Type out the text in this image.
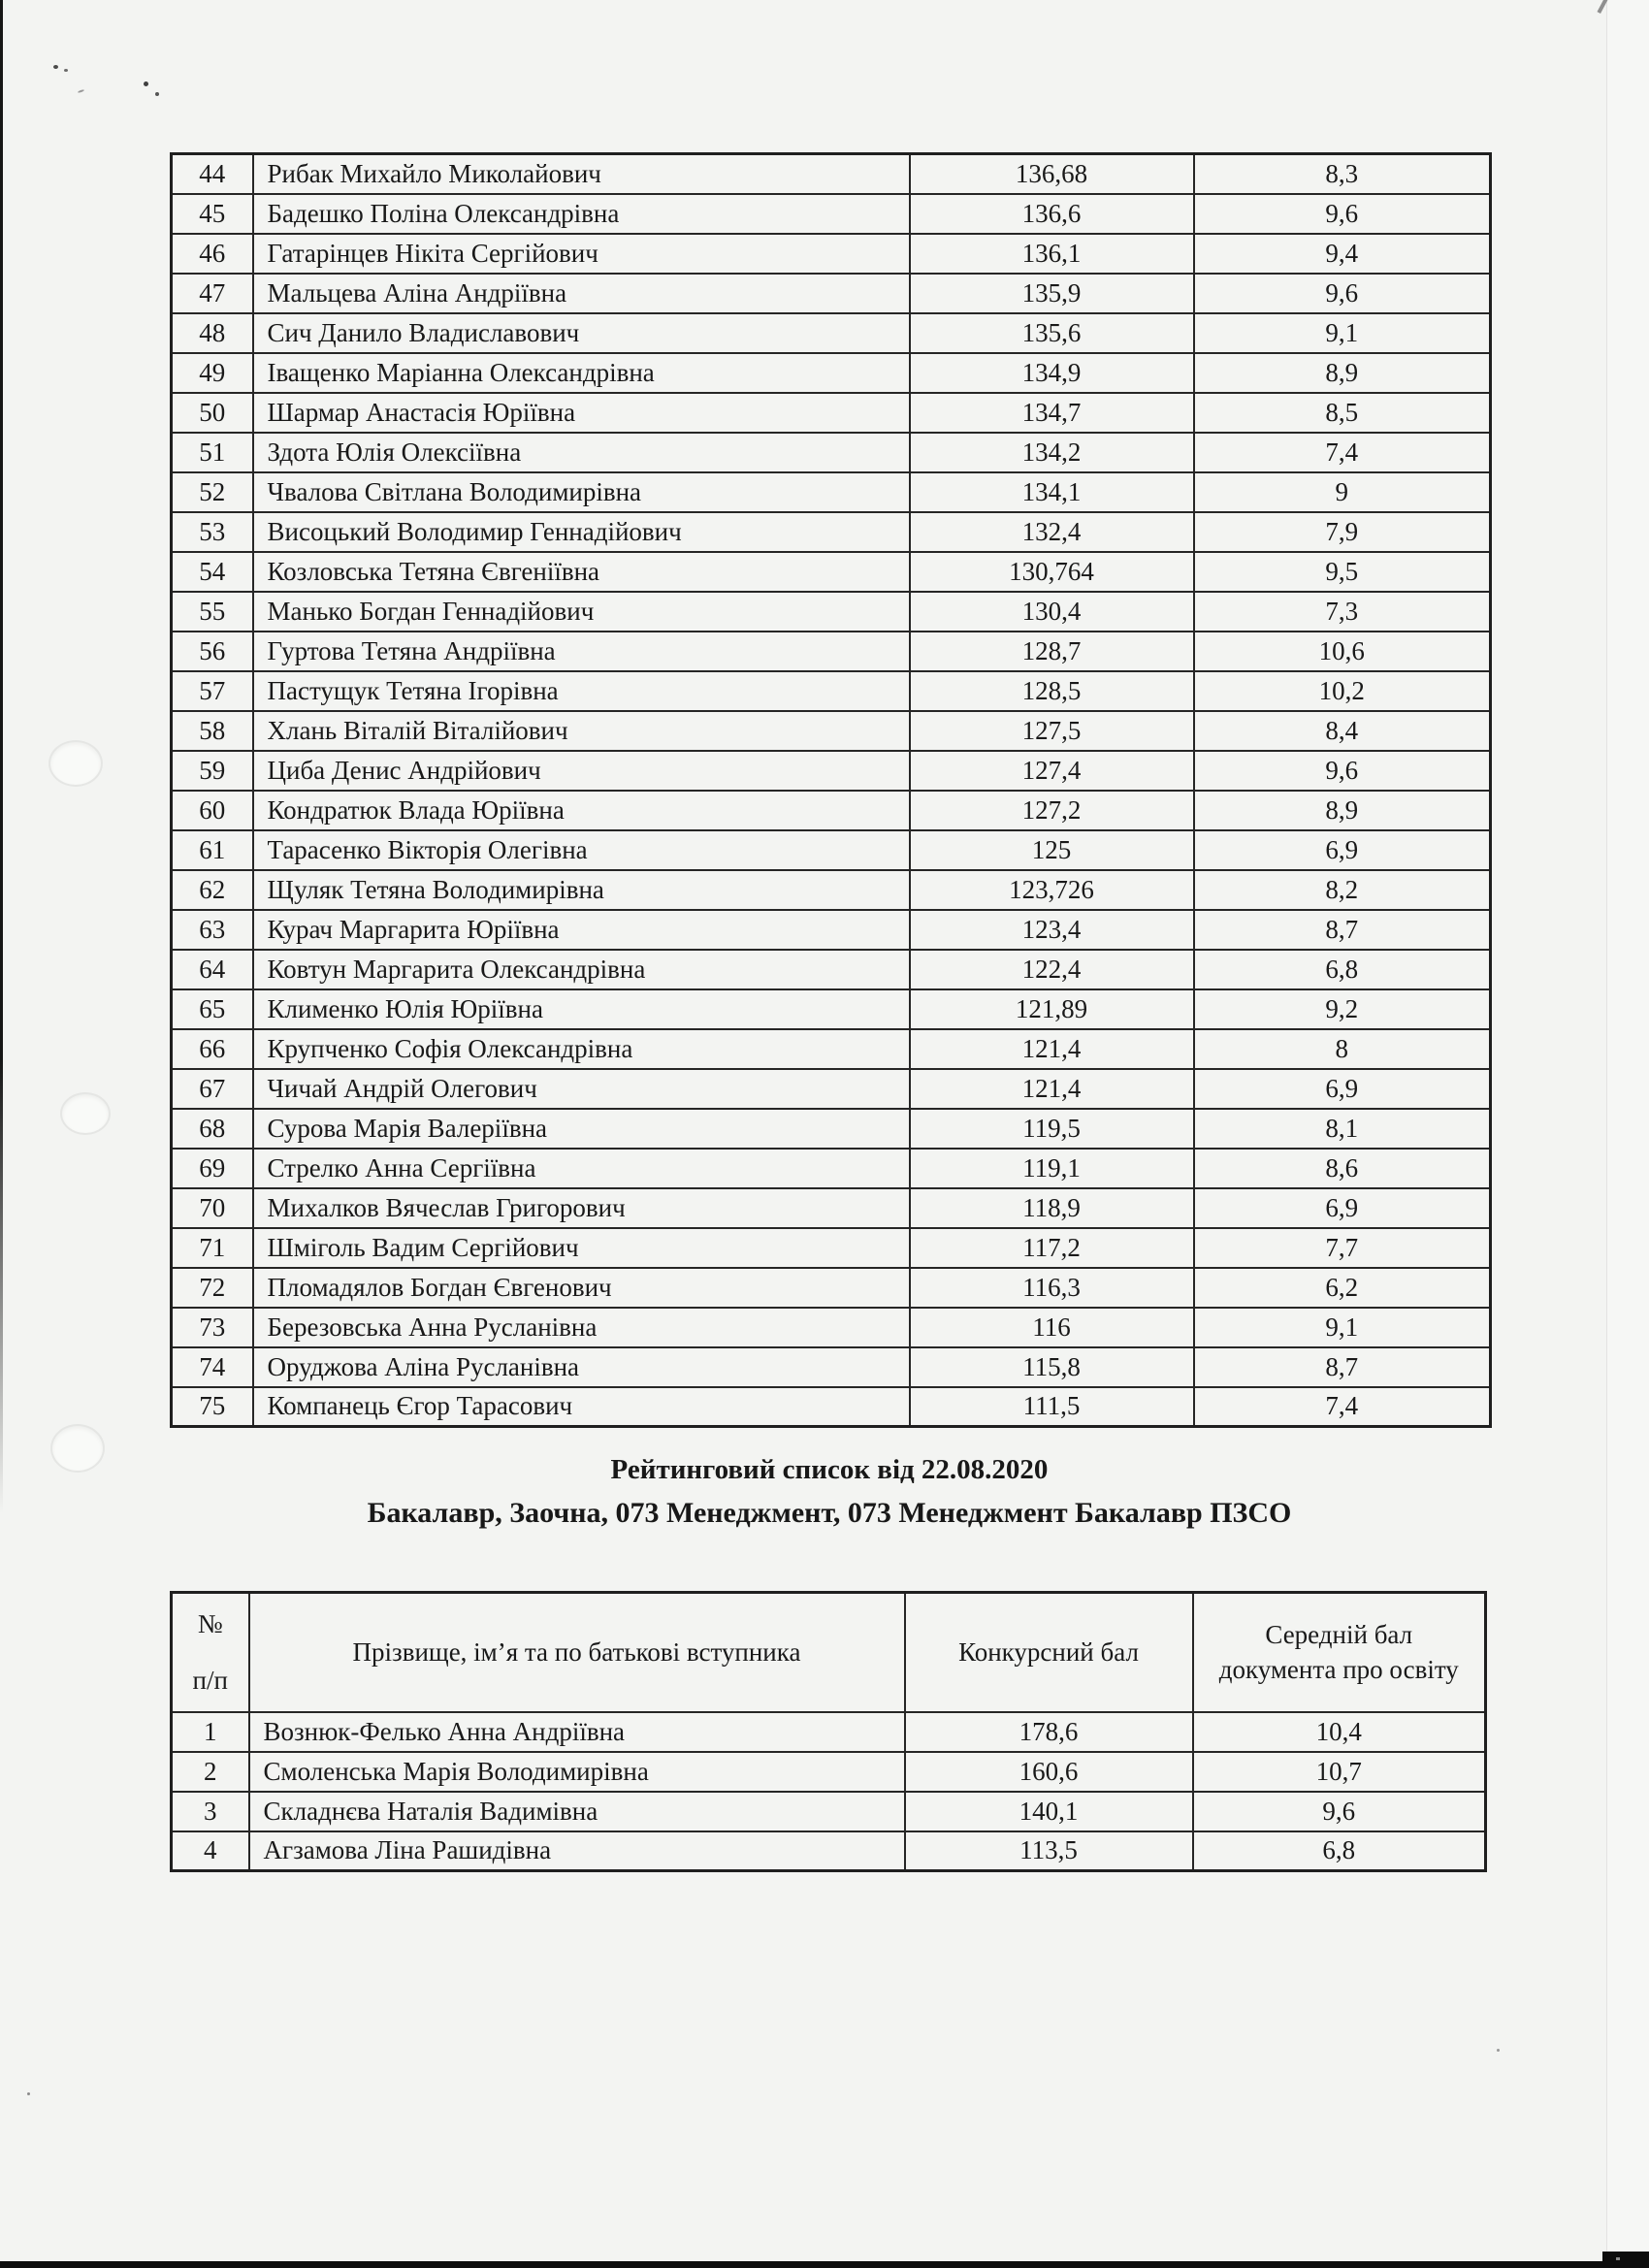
44	Рибак Михайло Миколайович	136,68	8,3
45	Бадешко Поліна Олександрівна	136,6	9,6
46	Гатарінцев Нікіта Сергійович	136,1	9,4
47	Мальцева Аліна Андріївна	135,9	9,6
48	Сич Данило Владиславович	135,6	9,1
49	Іващенко Маріанна Олександрівна	134,9	8,9
50	Шармар Анастасія Юріївна	134,7	8,5
51	Здота Юлія Олексіївна	134,2	7,4
52	Чвалова Світлана Володимирівна	134,1	9
53	Висоцький Володимир Геннадійович	132,4	7,9
54	Козловська Тетяна Євгеніївна	130,764	9,5
55	Манько Богдан Геннадійович	130,4	7,3
56	Гуртова Тетяна Андріївна	128,7	10,6
57	Пастущук Тетяна Ігорівна	128,5	10,2
58	Хлань Віталій Віталійович	127,5	8,4
59	Циба Денис Андрійович	127,4	9,6
60	Кондратюк Влада Юріївна	127,2	8,9
61	Тарасенко Вікторія Олегівна	125	6,9
62	Щуляк Тетяна Володимирівна	123,726	8,2
63	Курач Маргарита Юріївна	123,4	8,7
64	Ковтун Маргарита Олександрівна	122,4	6,8
65	Клименко Юлія Юріївна	121,89	9,2
66	Крупченко Софія Олександрівна	121,4	8
67	Чичай Андрій Олегович	121,4	6,9
68	Сурова Марія Валеріївна	119,5	8,1
69	Стрелко Анна Сергіївна	119,1	8,6
70	Михалков Вячеслав Григорович	118,9	6,9
71	Шміголь Вадим Сергійович	117,2	7,7
72	Пломадялов Богдан Євгенович	116,3	6,2
73	Березовська Анна Русланівна	116	9,1
74	Оруджова Аліна Русланівна	115,8	8,7
75	Компанець Єгор Тарасович	111,5	7,4
Рейтинговий список від 22.08.2020
Бакалавр, Заочна, 073 Менеджмент, 073 Менеджмент Бакалавр ПЗСО
№
п/п	Прізвище, ім’я та по батькові вступника	Конкурсний бал	Середній бал документа про освіту
1	Вознюк-Фелько Анна Андріївна	178,6	10,4
2	Смоленська Марія Володимирівна	160,6	10,7
3	Складнєва Наталія Вадимівна	140,1	9,6
4	Агзамова Ліна Рашидівна	113,5	6,8
